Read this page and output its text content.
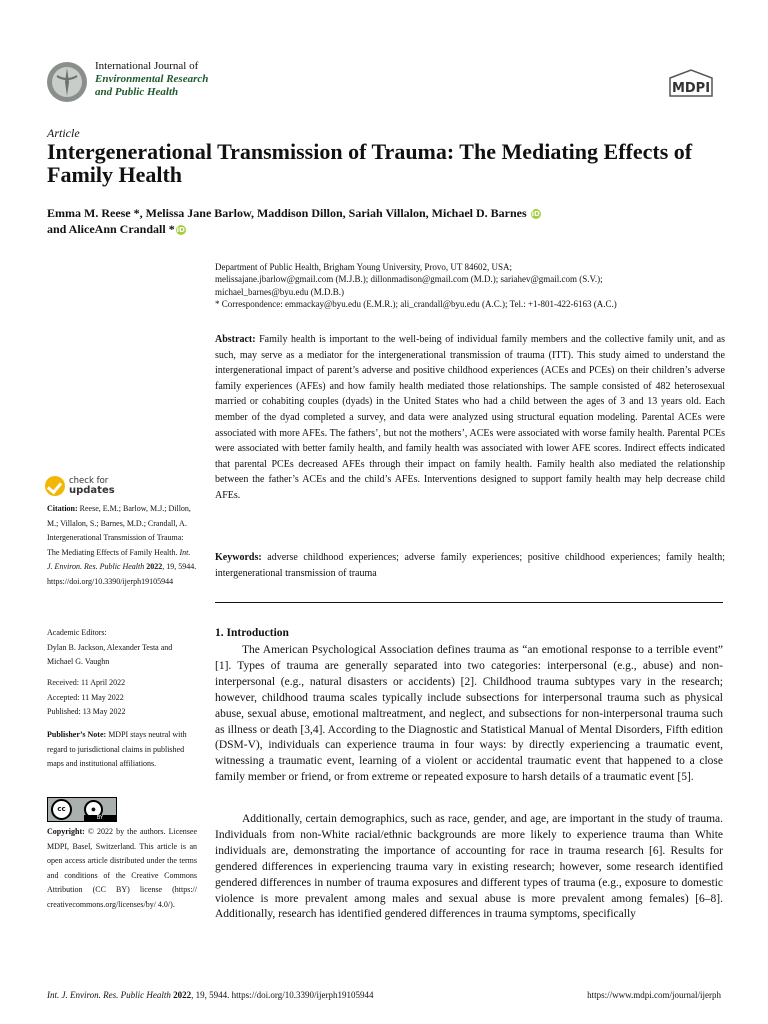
International Journal of
Environmental Research
and Public Health	MDPI
Article
Intergenerational Transmission of Trauma: The Mediating Effects of Family Health
Emma M. Reese *, Melissa Jane Barlow, Maddison Dillon, Sariah Villalon, Michael D. Barnes iD
and AliceAnn Crandall * iD
Department of Public Health, Brigham Young University, Provo, UT 84602, USA;
melissajane.jbarlow@gmail.com (M.J.B.); dillonmadison@gmail.com (M.D.); sariahev@gmail.com (S.V.);
michael_barnes@byu.edu (M.D.B.)
* Correspondence: emmackay@byu.edu (E.M.R.); ali_crandall@byu.edu (A.C.); Tel.: +1-801-422-6163 (A.C.)
Abstract: Family health is important to the well-being of individual family members and the collective family unit, and as such, may serve as a mediator for the intergenerational transmission of trauma (ITT). This study aimed to understand the intergenerational impact of parent’s adverse and positive childhood experiences (ACEs and PCEs) on their children’s adverse family experiences (AFEs) and how family health mediated those relationships. The sample consisted of 482 heterosexual married or cohabiting couples (dyads) in the United States who had a child between the ages of 3 and 13 years old. Each member of the dyad completed a survey, and data were analyzed using structural equation modeling. Parental ACEs were associated with more AFEs. The fathers’, but not the mothers’, ACEs were associated with worse family health. Parental PCEs were associated with better family health, and family health was associated with lower AFE scores. Indirect effects indicated that parental PCEs decreased AFEs through their impact on family health. Family health also mediated the relationship between the father’s ACEs and the child’s AFEs. Interventions designed to support family health may help decrease child AFEs.
Keywords: adverse childhood experiences; adverse family experiences; positive childhood experiences; family health; intergenerational transmission of trauma
1. Introduction
The American Psychological Association defines trauma as “an emotional response to a terrible event” [1]. Types of trauma are generally separated into two categories: interpersonal (e.g., abuse) and non-interpersonal (e.g., natural disasters or accidents) [2]. Childhood trauma subtypes vary in the research; however, childhood trauma scales typically include subsections for interpersonal trauma such as physical abuse, sexual abuse, emotional maltreatment, and neglect, and subsections for non-interpersonal trauma such as illness or death [3,4]. According to the Diagnostic and Statistical Manual of Mental Disorders, Fifth edition (DSM-V), individuals can experience trauma in four ways: by directly experiencing a traumatic event, witnessing a traumatic event, learning of a violent or accidental traumatic event that happened to a close family member or friend, or from extreme or repeated exposure to harsh details of a traumatic event [5].
Additionally, certain demographics, such as race, gender, and age, are important in the study of trauma. Individuals from non-White racial/ethnic backgrounds are more likely to experience trauma than White individuals are, demonstrating the importance of accounting for race in trauma research [6]. Results for gendered differences in experiencing trauma vary in existing research; however, some research identified gendered differences in number of trauma exposures and different types of trauma (e.g., exposure to domestic violence is more prevalent among males and sexual abuse is more prevalent among females) [6–8]. Additionally, research has identified gendered differences in trauma symptoms, specifically
check for
updates
Citation: Reese, E.M.; Barlow, M.J.; Dillon, M.; Villalon, S.; Barnes, M.D.; Crandall, A. Intergenerational Transmission of Trauma: The Mediating Effects of Family Health. Int. J. Environ. Res. Public Health 2022, 19, 5944. https://doi.org/10.3390/ijerph19105944
Academic Editors:
Dylan B. Jackson, Alexander Testa and Michael G. Vaughn
Received: 11 April 2022
Accepted: 11 May 2022
Published: 13 May 2022
Publisher’s Note: MDPI stays neutral with regard to jurisdictional claims in published maps and institutional affiliations.
cc	●
BY
Copyright: © 2022 by the authors. Licensee MDPI, Basel, Switzerland. This article is an open access article distributed under the terms and conditions of the Creative Commons Attribution (CC BY) license (https:// creativecommons.org/licenses/by/ 4.0/).
Int. J. Environ. Res. Public Health 2022, 19, 5944. https://doi.org/10.3390/ijerph19105944	https://www.mdpi.com/journal/ijerph
